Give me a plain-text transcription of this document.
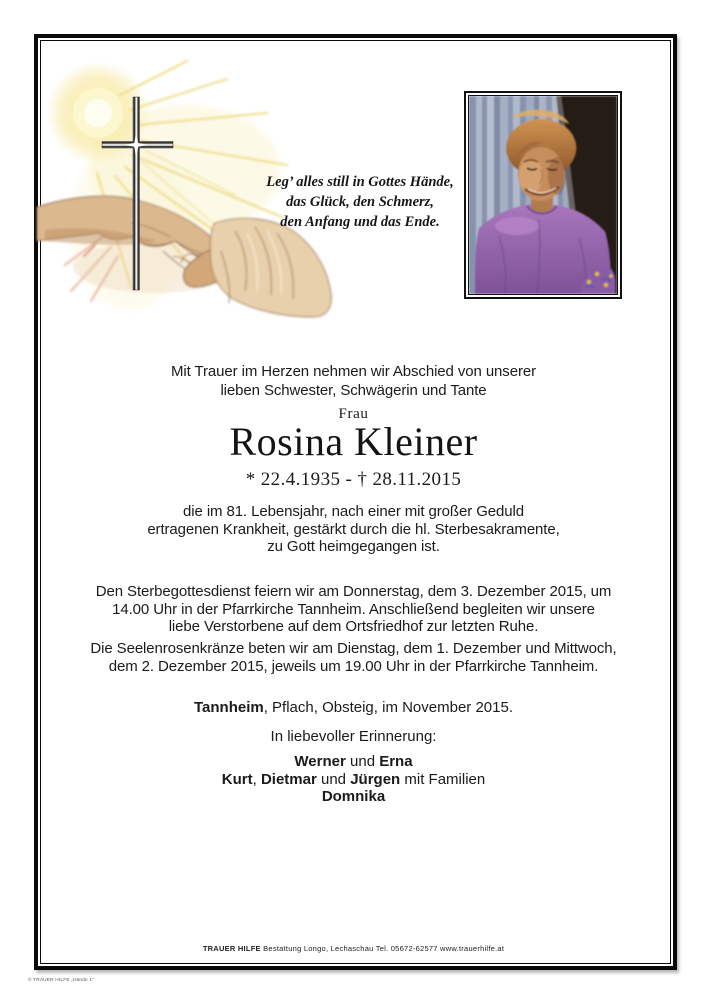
Leg’ alles still in Gottes Hände,
das Glück, den Schmerz,
den Anfang und das Ende.
Mit Trauer im Herzen nehmen wir Abschied von unserer
lieben Schwester, Schwägerin und Tante
Frau
Rosina Kleiner
* 22.4.1935 - † 28.11.2015
die im 81. Lebensjahr, nach einer mit großer Geduld
ertragenen Krankheit, gestärkt durch die hl. Sterbesakramente,
zu Gott heimgegangen ist.
Den Sterbegottesdienst feiern wir am Donnerstag, dem 3. Dezember 2015, um
14.00 Uhr in der Pfarrkirche Tannheim. Anschließend begleiten wir unsere
liebe Verstorbene auf dem Ortsfriedhof zur letzten Ruhe.
Die Seelenrosenkränze beten wir am Dienstag, dem 1. Dezember und Mittwoch,
dem 2. Dezember 2015, jeweils um 19.00 Uhr in der Pfarrkirche Tannheim.
Tannheim, Pflach, Obsteig, im November 2015.
In liebevoller Erinnerung:
Werner und Erna
Kurt, Dietmar und Jürgen mit Familien
Domnika
TRAUER HILFE Bestattung Longo, Lechaschau Tel. 05672-62577 www.trauerhilfe.at
© TRAUER HILFE „Hände 1“
